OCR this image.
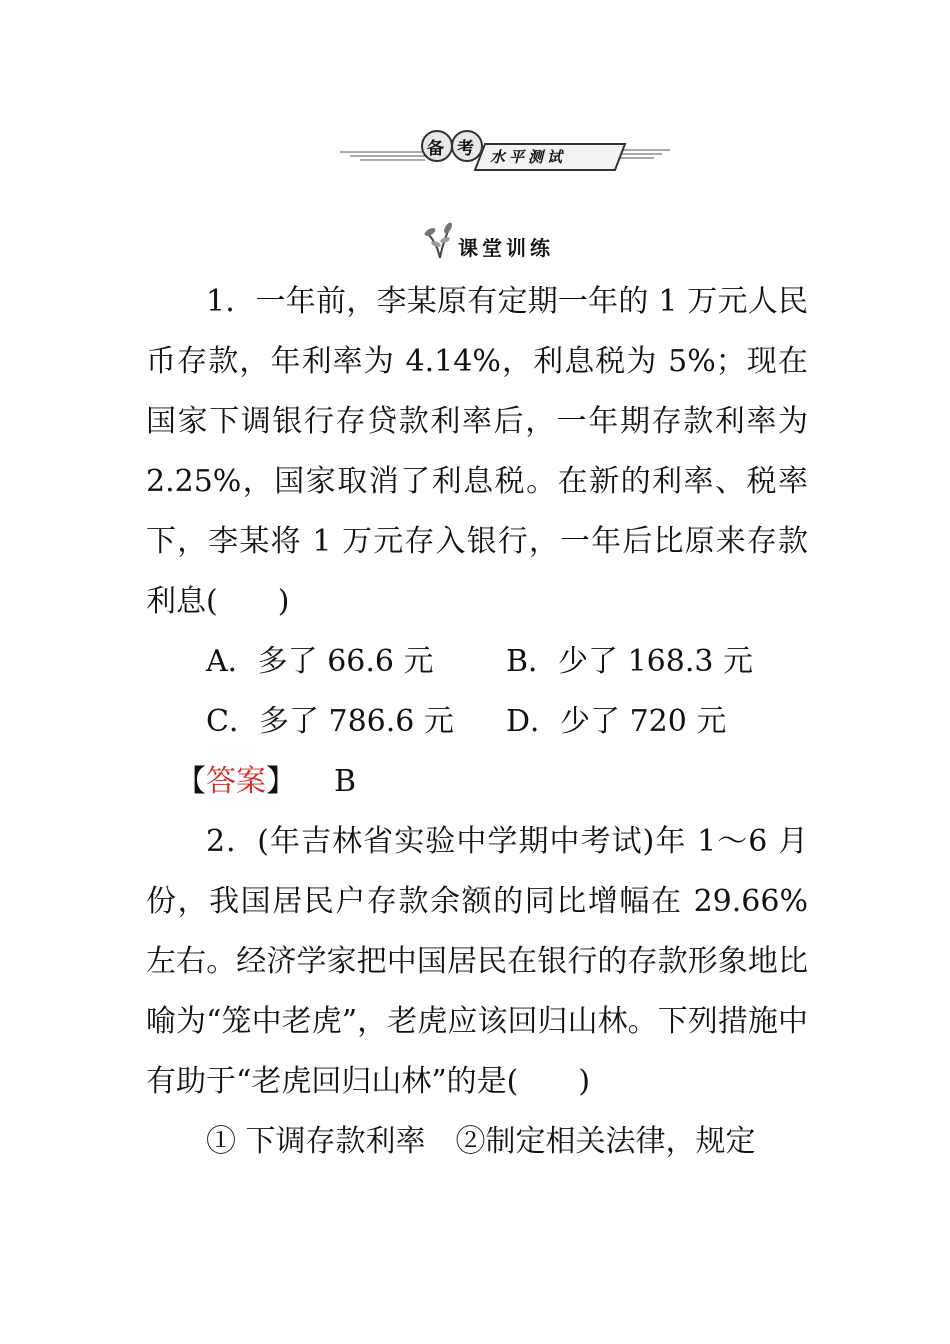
备 考 水平测试
课堂训练

1．一年前，李某原有定期一年的 1 万元人民币存款，年利率为 4.14%，利息税为 5%；现在国家下调银行存贷款利率后，一年期存款利率为 2.25%，国家取消了利息税。在新的利率、税率下，李某将 1 万元存入银行，一年后比原来存款利息(　　)

A．多了 66.6 元	B．少了 168.3 元
C．多了 786.6 元	D．少了 720 元
【答案】 B

2．(年吉林省实验中学期中考试)年 1～6 月份，我国居民户存款余额的同比增幅在 29.66%左右。经济学家把中国居民在银行的存款形象地比喻为“笼中老虎”，老虎应该回归山林。下列措施中有助于“老虎回归山林”的是(　　)

① 下调存款利率　②制定相关法律，规定
